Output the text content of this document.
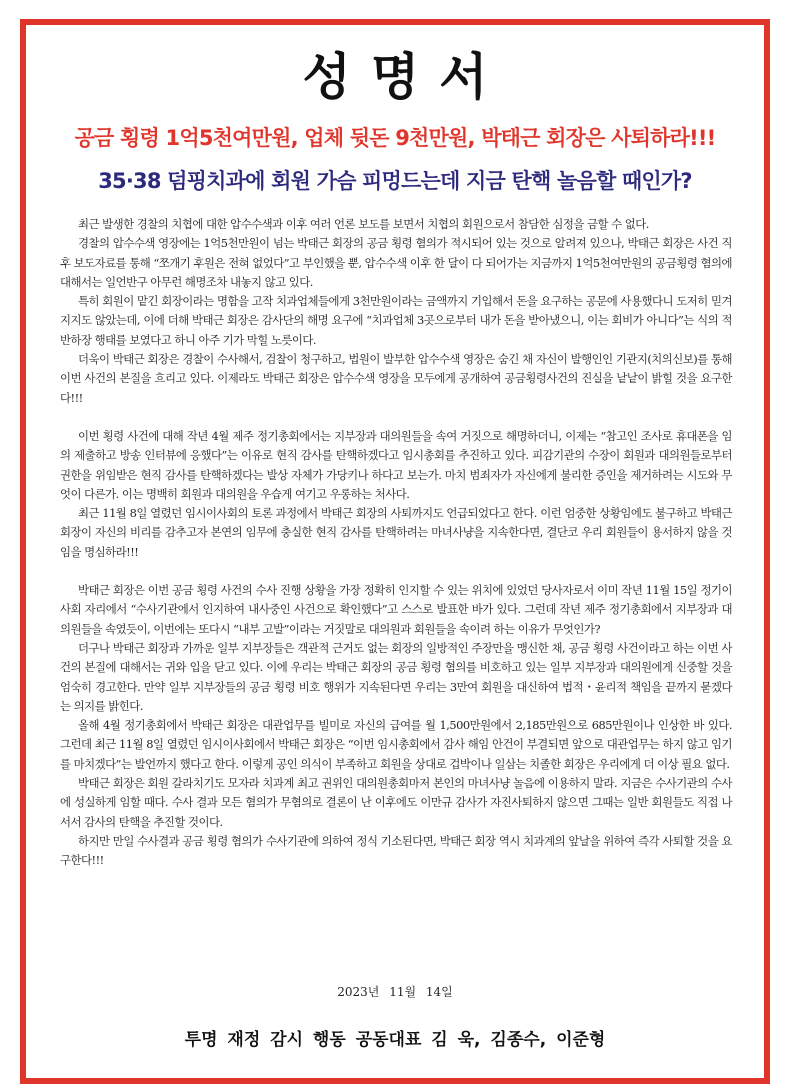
성명서
공금 횡령 1억5천여만원, 업체 뒷돈 9천만원, 박태근 회장은 사퇴하라!!!
35·38 덤핑치과에 회원 가슴 피멍드는데 지금 탄핵 놀음할 때인가?

최근 발생한 경찰의 치협에 대한 압수수색과 이후 여러 언론 보도를 보면서 치협의 회원으로서 참담한 심정을 금할 수 없다.

경찰의 압수수색 영장에는 1억5천만원이 넘는 박태근 회장의 공금 횡령 혐의가 적시되어 있는 것으로 알려져 있으나, 박태근 회장은 사건 직후 보도자료를 통해 “쪼개기 후원은 전혀 없었다”고 부인했을 뿐, 압수수색 이후 한 달이 다 되어가는 지금까지 1억5천여만원의 공금횡령 혐의에 대해서는 일언반구 아무런 해명조차 내놓지 않고 있다.

특히 회원이 맡긴 회장이라는 명함을 고작 치과업체들에게 3천만원이라는 금액까지 기입해서 돈을 요구하는 공문에 사용했다니 도저히 믿겨지지도 않았는데, 이에 더해 박태근 회장은 감사단의 해명 요구에 “치과업체 3곳으로부터 내가 돈을 받아냈으니, 이는 회비가 아니다”는 식의 적반하장 행태를 보였다고 하니 아주 기가 막힐 노릇이다.

더욱이 박태근 회장은 경찰이 수사해서, 검찰이 청구하고, 법원이 발부한 압수수색 영장은 숨긴 채 자신이 발행인인 기관지(치의신보)를 통해 이번 사건의 본질을 흐리고 있다. 이제라도 박태근 회장은 압수수색 영장을 모두에게 공개하여 공금횡령사건의 진실을 낱낱이 밝힐 것을 요구한다!!!

이번 횡령 사건에 대해 작년 4월 제주 정기총회에서는 지부장과 대의원들을 속여 거짓으로 해명하더니, 이제는 “참고인 조사로 휴대폰을 임의 제출하고 방송 인터뷰에 응했다”는 이유로 현직 감사를 탄핵하겠다고 임시총회를 추진하고 있다. 피감기관의 수장이 회원과 대의원들로부터 권한을 위임받은 현직 감사를 탄핵하겠다는 발상 자체가 가당키나 하다고 보는가. 마치 범죄자가 자신에게 불리한 증인을 제거하려는 시도와 무엇이 다른가. 이는 명백히 회원과 대의원을 우습게 여기고 우롱하는 처사다.

최근 11월 8일 열렸던 임시이사회의 토론 과정에서 박태근 회장의 사퇴까지도 언급되었다고 한다. 이런 엄중한 상황임에도 불구하고 박태근 회장이 자신의 비리를 감추고자 본연의 임무에 충실한 현직 감사를 탄핵하려는 마녀사냥을 지속한다면, 결단코 우리 회원들이 용서하지 않을 것임을 명심하라!!!

박태근 회장은 이번 공금 횡령 사건의 수사 진행 상황을 가장 정확히 인지할 수 있는 위치에 있었던 당사자로서 이미 작년 11월 15일 정기이사회 자리에서 “수사기관에서 인지하여 내사중인 사건으로 확인했다”고 스스로 발표한 바가 있다. 그런데 작년 제주 정기총회에서 지부장과 대의원들을 속였듯이, 이번에는 또다시 “내부 고발”이라는 거짓말로 대의원과 회원들을 속이려 하는 이유가 무엇인가?

더구나 박태근 회장과 가까운 일부 지부장들은 객관적 근거도 없는 회장의 일방적인 주장만을 맹신한 채, 공금 횡령 사건이라고 하는 이번 사건의 본질에 대해서는 귀와 입을 닫고 있다. 이에 우리는 박태근 회장의 공금 횡령 혐의를 비호하고 있는 일부 지부장과 대의원에게 신중할 것을 엄숙히 경고한다. 만약 일부 지부장들의 공금 횡령 비호 행위가 지속된다면 우리는 3만여 회원을 대신하여 법적・윤리적 책임을 끝까지 묻겠다는 의지를 밝힌다.

올해 4월 정기총회에서 박태근 회장은 대관업무를 빌미로 자신의 급여를 월 1,500만원에서 2,185만원으로 685만원이나 인상한 바 있다. 그런데 최근 11월 8일 열렸던 임시이사회에서 박태근 회장은 “이번 임시총회에서 감사 해임 안건이 부결되면 앞으로 대관업무는 하지 않고 임기를 마치겠다”는 발언까지 했다고 한다. 이렇게 공인 의식이 부족하고 회원을 상대로 겁박이나 일삼는 치졸한 회장은 우리에게 더 이상 필요 없다.

박태근 회장은 회원 갈라치기도 모자라 치과계 최고 권위인 대의원총회마저 본인의 마녀사냥 놀음에 이용하지 말라. 지금은 수사기관의 수사에 성실하게 임할 때다. 수사 결과 모든 혐의가 무혐의로 결론이 난 이후에도 이만규 감사가 자진사퇴하지 않으면 그때는 일반 회원들도 직접 나서서 감사의 탄핵을 추진할 것이다.

하지만 만일 수사결과 공금 횡령 혐의가 수사기관에 의하여 정식 기소된다면, 박태근 회장 역시 치과계의 앞날을 위하여 즉각 사퇴할 것을 요구한다!!!

2023년 11월 14일
투명 재정 감시 행동 공동대표 김 욱, 김종수, 이준형
